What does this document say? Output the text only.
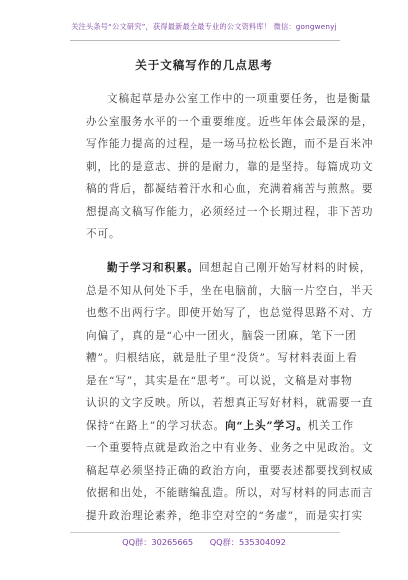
关注头条号“公文研究”，获得最新最全最专业的公文资料库！ 微信：gongwenyj
关于文稿写作的几点思考
文稿起草是办公室工作中的一项重要任务，也是衡量
办公室服务水平的一个重要维度。近些年体会最深的是，
写作能力提高的过程，是一场马拉松长跑，而不是百米冲
刺，比的是意志、拼的是耐力，靠的是坚持。每篇成功文
稿的背后，都凝结着汗水和心血，充满着痛苦与煎熬。要
想提高文稿写作能力，必须经过一个长期过程，非下苦功
不可。
勤于学习和积累。回想起自己刚开始写材料的时候，
总是不知从何处下手，坐在电脑前，大脑一片空白，半天
也憋不出两行字。即使开始写了，也总觉得思路不对、方
向偏了，真的是“心中一团火，脑袋一团麻，笔下一团
糟”。归根结底，就是肚子里“没货”。写材料表面上看
是在“写”，其实是在“思考”。可以说，文稿是对事物
认识的文字反映。所以，若想真正写好材料，就需要一直
保持“在路上”的学习状态。向“上头”学习。机关工作
一个重要特点就是政治之中有业务、业务之中见政治。文
稿起草必须坚持正确的政治方向，重要表述都要找到权威
依据和出处，不能瞎编乱造。所以，对写材料的同志而言
提升政治理论素养，绝非空对空的“务虚”，而是实打实
QQ群：30265665 QQ群：535304092
